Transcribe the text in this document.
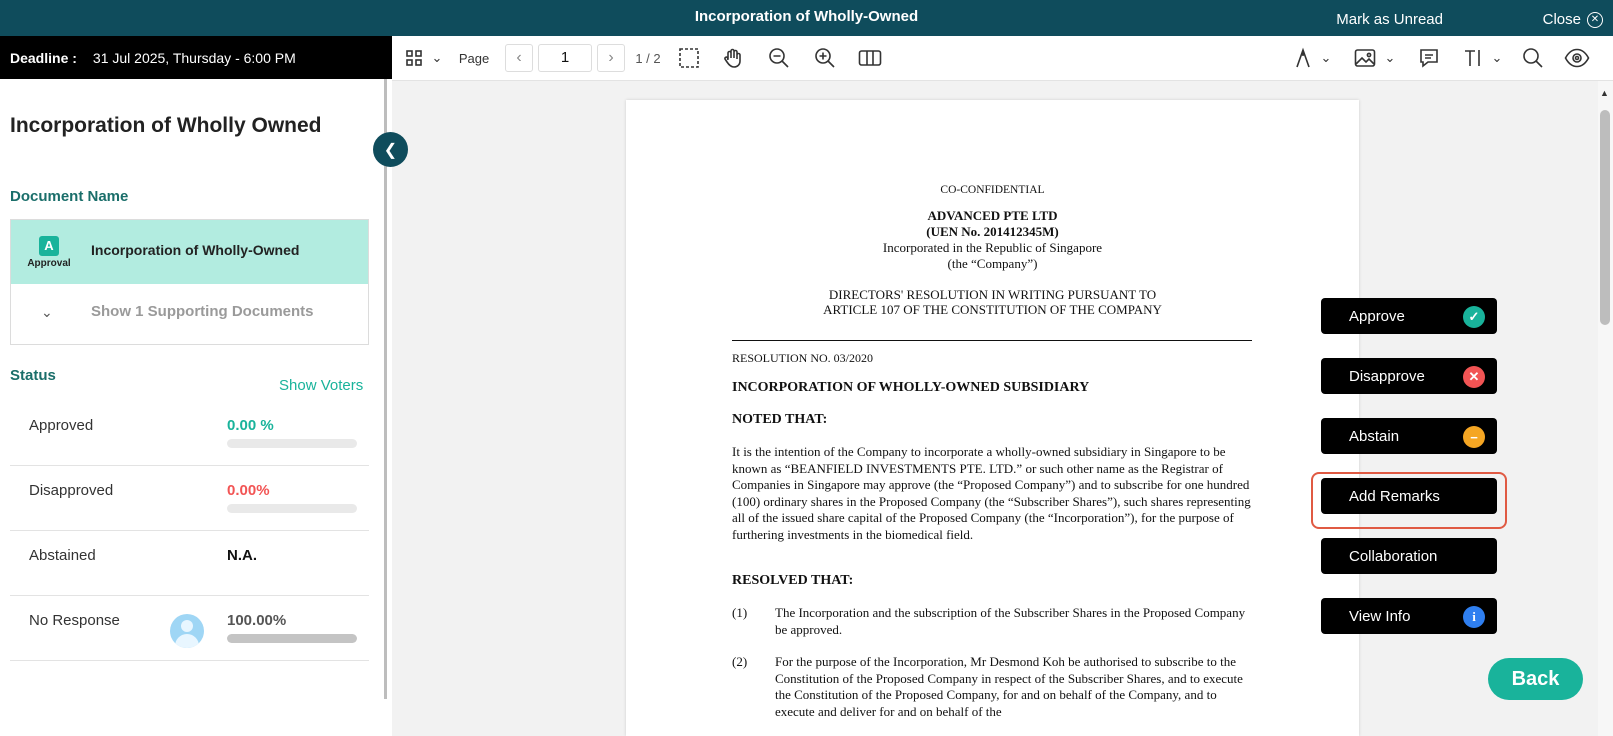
Incorporation of Wholly-Owned	Mark as Unread	Close ✕
Deadline : 31 Jul 2025, Thursday - 6:00 PM	⌄ Page	‹	1	›	1 / 2	⌄	⌄	⌄
Incorporation of Wholly Owned
Document Name
A
Approval
Incorporation of Wholly-Owned
⌄	Show 1 Supporting Documents
Status
Show Voters
Approved	0.00 %
Disapproved	0.00%
Abstained	N.A.
No Response	100.00%
❮
▲
CO-CONFIDENTIAL
ADVANCED PTE LTD
(UEN No. 201412345M)
Incorporated in the Republic of Singapore
(the “Company”)
DIRECTORS' RESOLUTION IN WRITING PURSUANT TO
ARTICLE 107 OF THE CONSTITUTION OF THE COMPANY
RESOLUTION NO. 03/2020
INCORPORATION OF WHOLLY-OWNED SUBSIDIARY
NOTED THAT:
It is the intention of the Company to incorporate a wholly-owned subsidiary in Singapore to be known as “BEANFIELD INVESTMENTS PTE. LTD.” or such other name as the Registrar of Companies in Singapore may approve (the “Proposed Company”) and to subscribe for one hundred (100) ordinary shares in the Proposed Company (the “Subscriber Shares”), such shares representing all of the issued share capital of the Proposed Company (the “Incorporation”), for the purpose of furthering investments in the biomedical field.
RESOLVED THAT:
(1) The Incorporation and the subscription of the Subscriber Shares in the Proposed Company be approved.
(2) For the purpose of the Incorporation, Mr Desmond Koh be authorised to subscribe to the Constitution of the Proposed Company in respect of the Subscriber Shares, and to execute the Constitution of the Proposed Company, for and on behalf of the Company, and to execute and deliver for and on behalf of the
Approve	✓
Disapprove	✕
Abstain	−
Add Remarks
Collaboration
View Info	i
Back
